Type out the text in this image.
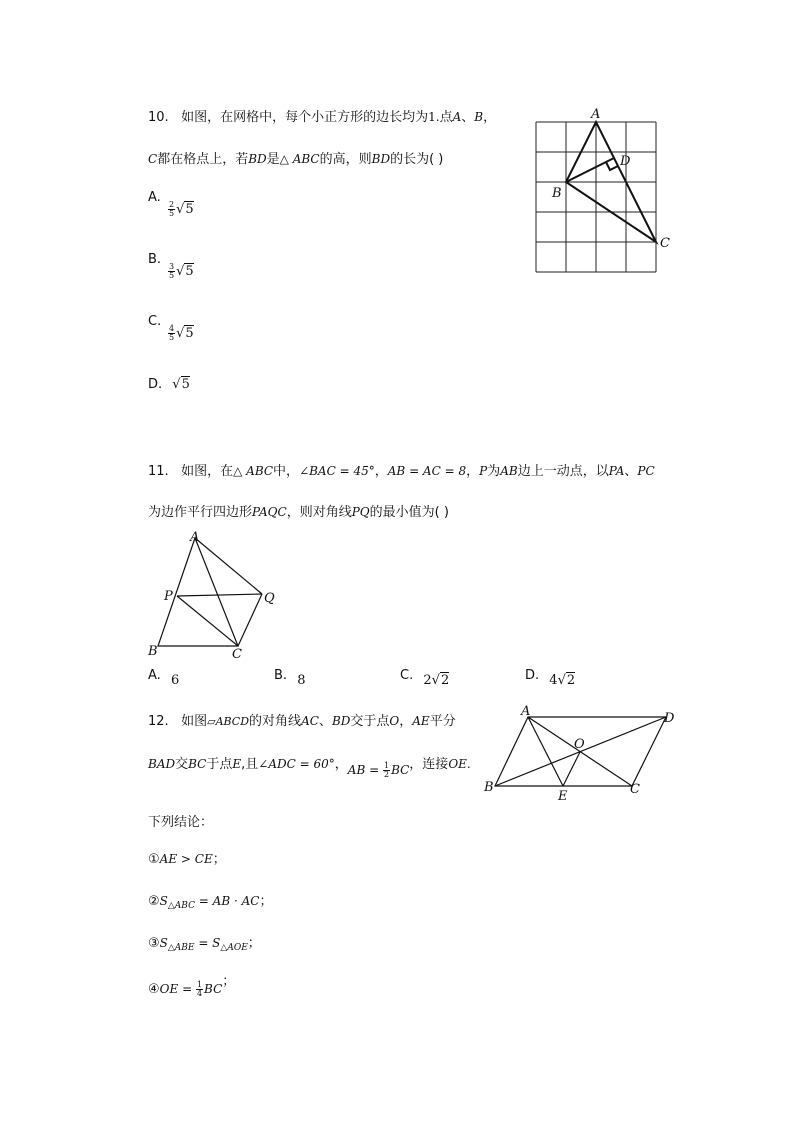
10. 如图，在网格中，每个小正方形的边长均为1.点A、B，
C都在格点上，若BD是△ ABC的高，则BD的长为( )
A.
$\frac{2}{5} √5$
B.
$\frac{3}{5} √5$
C.
$\frac{4}{5} √5$
D. √5
A
B
C
D
11. 如图，在△ ABC中，∠BAC = 45°，AB = AC = 8，P为AB边上一动点，以PA、PC
为边作平行四边形PAQC，则对角线PQ的最小值为( )
A
P	Q
B	C
A. 6	B. 8	C. 2√2	D. 4√2
12. 如图▱ABCD的对角线AC、BD交于点O，AE平分
BAD交BC于点E,且∠ADC = 60°，AB = $\frac{1}{2}$ BC，连接OE.
A	D
O
B
E	C
下列结论：
①AE > CE；
$②S_{\triangle ABC}$ = AB · AC；
$③S_{\triangle ABE} = S_{\triangle AOE}$；
④OE = $\frac{1}{4}$ BC；
